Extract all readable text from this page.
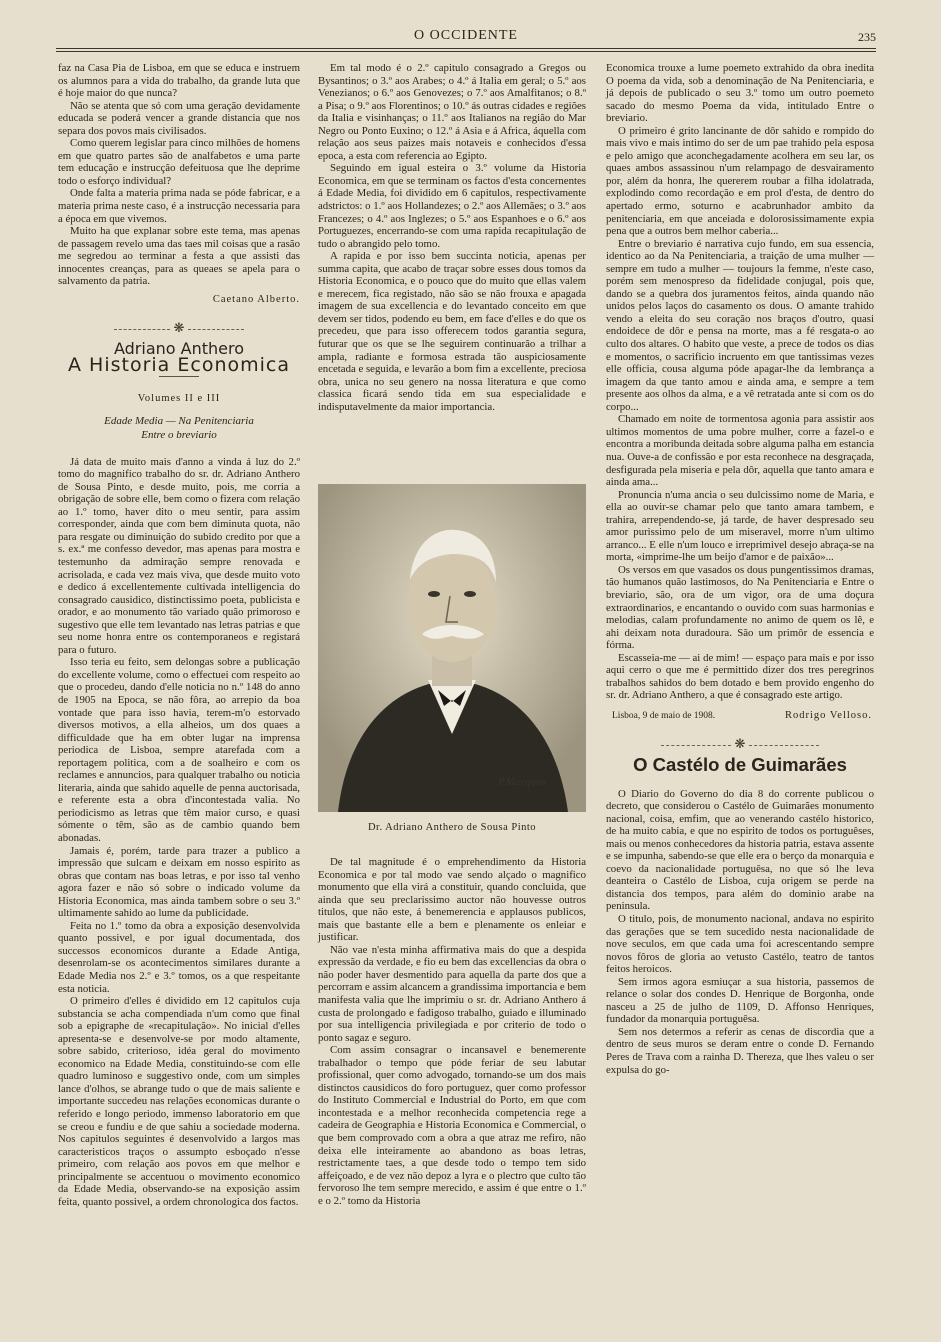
O OCCIDENTE	235

faz na Casa Pia de Lisboa, em que se educa e instruem os alumnos para a vida do trabalho, da grande luta que é hoje maior do que nunca?

Não se atenta que só com uma geração devidamente educada se poderá vencer a grande distancia que nos separa dos povos mais civilisados.

Como querem legislar para cinco milhões de homens em que quatro partes são de analfabetos e uma parte tem educação e instrucção defeituosa que lhe deprime todo o esforço individual?

Onde falta a materia prima nada se póde fabricar, e a materia prima neste caso, é a instrucção necessaria para a época em que vivemos.

Muito ha que explanar sobre este tema, mas apenas de passagem revelo uma das taes mil coisas que a rasão me segredou ao terminar a festa a que assisti das innocentes creanças, para as queaes se apela para o salvamento da patria.

Caetano Alberto.
❋
Adriano Anthero
A Historia Economica
Volumes II e III
Edade Media — Na Penitenciaria
Entre o breviario

Já data de muito mais d'anno a vinda á luz do 2.º tomo do magnifico trabalho do sr. dr. Adriano Anthero de Sousa Pinto, e desde muito, pois, me corria a obrigação de sobre elle, bem como o fizera com relação ao 1.º tomo, haver dito o meu sentir, para assim corresponder, ainda que com bem diminuta quota, não para resgate ou diminuição do subido credito por que a s. ex.ª me confesso devedor, mas apenas para mostra e testemunho da admiração sempre renovada e acrisolada, e cada vez mais viva, que desde muito voto e dedico á excellentemente cultivada intelligencia do consagrado causidico, distinctissimo poeta, publicista e orador, e ao monumento tão variado quão primoroso e sugestivo que elle tem levantado nas letras patrias e que seu nome honra entre os contemporaneos e registará para o futuro.

Isso teria eu feito, sem delongas sobre a publicação do excellente volume, como o effectuei com respeito ao que o procedeu, dando d'elle noticia no n.º 148 do anno de 1905 na Epoca, se não fôra, ao arrepio da boa vontade que para isso havia, terem-m'o estorvado diversos motivos, a ella alheios, um dos quaes a difficuldade que ha em obter lugar na imprensa periodica de Lisboa, sempre atarefada com a reportagem politica, com a de soalheiro e com os reclames e annuncios, para qualquer trabalho ou noticia literaria, ainda que sahido aquelle de penna auctorisada, e referente esta a obra d'incontestada valia. No periodicismo as letras que têm maior curso, e quasi sómente o têm, são as de cambio quando bem abonadas.

Jamais é, porém, tarde para trazer a publico a impressão que sulcam e deixam em nosso espirito as obras que contam nas boas letras, e por isso tal venho agora fazer e não só sobre o indicado volume da Historia Economica, mas ainda tambem sobre o seu 3.º ultimamente sahido ao lume da publicidade.

Feita no 1.º tomo da obra a exposição desenvolvida quanto possivel, e por igual documentada, dos successos economicos durante a Edade Antiga, desenrolam-se os acontecimentos similares durante a Edade Media nos 2.º e 3.º tomos, os a que respeitante esta noticia.

O primeiro d'elles é dividido em 12 capitulos cuja substancia se acha compendiada n'um como que final sob a epigraphe de «recapitulação». No inicial d'elles apresenta-se e desenvolve-se por modo altamente, sobre sabido, criterioso, idéa geral do movimento economico na Edade Media, constituindo-se com elle quadro luminoso e suggestivo onde, com um simples lance d'olhos, se abrange tudo o que de mais saliente e importante succedeu nas relações economicas durante o referido e longo periodo, immenso laboratorio em que se creou e fundiu e de que sahiu a sociedade moderna. Nos capitulos seguintes é desenvolvido a largos mas caracteristicos traços o assumpto esboçado n'esse primeiro, com relação aos povos em que melhor e principalmente se accentuou o movimento economico da Edade Media, observando-se na exposição assim feita, quanto possivel, a ordem chronologica dos factos.

Em tal modo é o 2.º capitulo consagrado a Gregos ou Bysantinos; o 3.º aos Arabes; o 4.º á Italia em geral; o 5.º aos Venezianos; o 6.º aos Genovezes; o 7.º aos Amalfitanos; o 8.º a Pisa; o 9.º aos Florentinos; o 10.º ás outras cidades e regiões da Italia e visinhanças; o 11.º aos Italianos na região do Mar Negro ou Ponto Euxino; o 12.º á Asia e á Africa, áquella com relação aos seus paizes mais notaveis e conhecidos d'essa epoca, a esta com referencia ao Egipto.

Seguindo em igual esteira o 3.º volume da Historia Economica, em que se terminam os factos d'esta concernentes á Edade Media, foi dividido em 6 capitulos, respectivamente adstrictos: o 1.º aos Hollandezes; o 2.º aos Allemães; o 3.º aos Francezes; o 4.º aos Inglezes; o 5.º aos Espanhoes e o 6.º aos Portuguezes, encerrando-se com uma rapida recapitulação de tudo o abrangido pelo tomo.

A rapida e por isso bem succinta noticia, apenas per summa capita, que acabo de traçar sobre esses dous tomos da Historia Economica, e o pouco que do muito que ellas valem e merecem, fica registado, não são se não frouxa e apagada imagem de sua excellencia e do levantado conceito em que devem ser tidos, podendo eu bem, em face d'elles e do que os precedeu, que para isso offerecem todos garantia segura, futurar que os que se lhe seguirem continuarão a trilhar a ampla, radiante e formosa estrada tão auspiciosamente encetada e seguida, e levarão a bom fim a excellente, preciosa obra, unica no seu genero na nossa literatura e que como classica ficará sendo tida em sua especialidade e indisputavelmente da maior importancia.

P.Marques
Dr. Adriano Anthero de Sousa Pinto

De tal magnitude é o emprehendimento da Historia Economica e por tal modo vae sendo alçado o magnifico monumento que ella virá a constituir, quando concluida, que ainda que seu preclarissimo auctor não houvesse outros titulos, que não este, á benemerencia e applausos publicos, mais que bastante elle a bem e plenamente os enleiar e justificar.

Não vae n'esta minha affirmativa mais do que a despida expressão da verdade, e fio eu bem das excellencias da obra o não poder haver desmentido para aquella da parte dos que a percorram e assim alcancem a grandissima importancia e bem manifesta valia que lhe imprimiu o sr. dr. Adriano Anthero á custa de prolongado e fadigoso trabalho, guiado e illuminado por sua intelligencia privilegiada e por criterio de todo o ponto sagaz e seguro.

Com assim consagrar o incansavel e benemerente trabalhador o tempo que póde feriar de seu labutar profissional, quer como advogado, tornando-se um dos mais distinctos causidicos do foro portuguez, quer como professor do Instituto Commercial e Industrial do Porto, em que com incontestada e a melhor reconhecida competencia rege a cadeira de Geographia e Historia Economica e Commercial, o que bem comprovado com a obra a que atraz me refiro, não deixa elle inteiramente ao abandono as boas letras, restrictamente taes, a que desde todo o tempo tem sido affeiçoado, e de vez não depoz a lyra e o plectro que culto tão fervoroso lhe tem sempre merecido, e assim é que entre o 1.º e o 2.º tomo da Historia

Economica trouxe a lume poemeto extrahido da obra inedita O poema da vida, sob a denominação de Na Penitenciaria, e já depois de publicado o seu 3.º tomo um outro poemeto sacado do mesmo Poema da vida, intitulado Entre o breviario.

O primeiro é grito lancinante de dôr sahido e rompido do mais vivo e mais intimo do ser de um pae trahido pela esposa e pelo amigo que aconchegadamente acolhera em seu lar, os quaes ambos assassinou n'um relampago de desvairamento por, além da honra, lhe quererem roubar a filha idolatrada, explodindo como recordação e em prol d'esta, de dentro do apertado ermo, soturno e acabrunhador ambito da penitenciaria, em que anceiada e dolorosissimamente expia pena que a outros bem melhor caberia...

Entre o breviario é narrativa cujo fundo, em sua essencia, identico ao da Na Penitenciaria, a traição de uma mulher — sempre em tudo a mulher — toujours la femme, n'este caso, porém sem menospreso da fidelidade conjugal, pois que, dando se a quebra dos juramentos feitos, ainda quando não unidos pelos laços do casamento os dous. O amante trahido vendo a eleita do seu coração nos braços d'outro, quasi endoidece de dôr e pensa na morte, mas a fé resgata-o ao culto dos altares. O habito que veste, a prece de todos os dias e momentos, o sacrificio incruento em que tantissimas vezes elle officia, cousa alguma póde apagar-lhe da lembrança a imagem da que tanto amou e ainda ama, e sempre a tem presente aos olhos da alma, e a vê retratada ante si com os do corpo...

Chamado em noite de tormentosa agonia para assistir aos ultimos momentos de uma pobre mulher, corre a fazel-o e encontra a moribunda deitada sobre alguma palha em estancia nua. Ouve-a de confissão e por esta reconhece na desgraçada, desfigurada pela miseria e pela dôr, aquella que tanto amara e ainda ama...

Pronuncia n'uma ancia o seu dulcissimo nome de Maria, e ella ao ouvir-se chamar pelo que tanto amara tambem, e trahira, arrependendo-se, já tarde, de haver despresado seu amor purissimo pelo de um miseravel, morre n'um ultimo arranco... E elle n'um louco e irreprimivel desejo abraça-se na morta, «imprime-lhe um beijo d'amor e de paixão»...

Os versos em que vasados os dous pungentissimos dramas, tão humanos quão lastimosos, do Na Penitenciaria e Entre o breviario, são, ora de um vigor, ora de uma doçura extraordinarios, e encantando o ouvido com suas harmonias e melodias, calam profundamente no animo de quem os lê, e ahi deixam nota duradoura. São um primôr de essencia e fórma.

Escasseia-me — ai de mim! — espaço para mais e por isso aqui cerro o que me é permittido dizer dos tres peregrinos trabalhos sahidos do bem dotado e bem provido engenho do sr. dr. Adriano Anthero, a que é consagrado este artigo.

Lisboa, 9 de maio de 1908.	Rodrigo Velloso.
❋
O Castélo de Guimarães

O Diario do Governo do dia 8 do corrente publicou o decreto, que considerou o Castélo de Guimarães monumento nacional, coisa, emfim, que ao venerando castélo historico, de ha muito cabia, e que no espirito de todos os portuguêses, mais ou menos conhecedores da historia patria, estava assente e se impunha, sabendo-se que elle era o berço da monarquia e coevo da nacionalidade portuguêsa, no que só lhe leva deanteira o Castélo de Lisboa, cuja origem se perde na distancia dos tempos, para além do dominio arabe na peninsula.

O titulo, pois, de monumento nacional, andava no espirito das gerações que se tem sucedido nesta nacionalidade de nove seculos, em que cada uma foi acrescentando sempre novos fôros de gloria ao vetusto Castélo, teatro de tantos feitos heroicos.

Sem irmos agora esmiuçar a sua historia, passemos de relance o solar dos condes D. Henrique de Borgonha, onde nasceu a 25 de julho de 1109, D. Affonso Henriques, fundador da monarquia portuguêsa.

Sem nos determos a referir as cenas de discordia que a dentro de seus muros se deram entre o conde D. Fernando Peres de Trava com a rainha D. Thereza, que lhes valeu o ser expulsa do go-
